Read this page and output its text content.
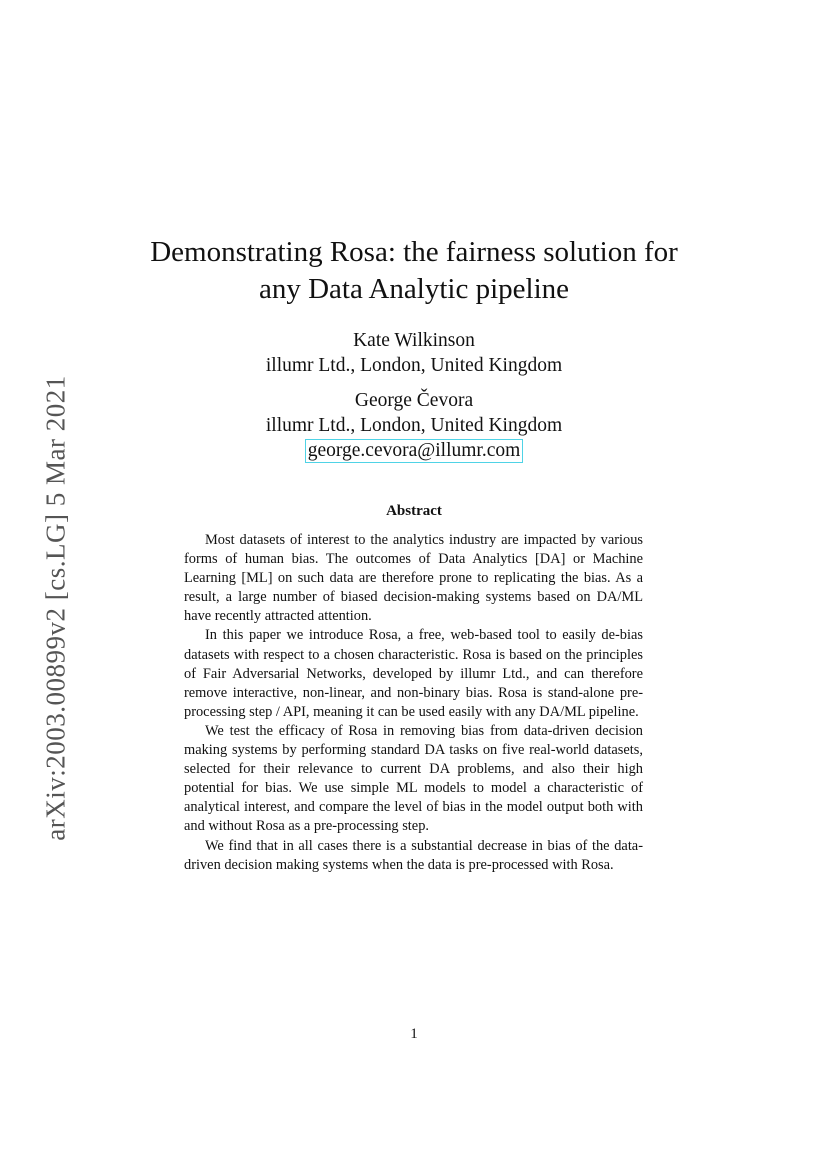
arXiv:2003.00899v2 [cs.LG] 5 Mar 2021
Demonstrating Rosa: the fairness solution for
any Data Analytic pipeline
Kate Wilkinson
illumr Ltd., London, United Kingdom
George Čevora
illumr Ltd., London, United Kingdom
george.cevora@illumr.com
Abstract

Most datasets of interest to the analytics industry are impacted by various forms of human bias. The outcomes of Data Analytics [DA] or Machine Learning [ML] on such data are therefore prone to replicating the bias. As a result, a large number of biased decision-making systems based on DA/ML have recently attracted attention.

In this paper we introduce Rosa, a free, web-based tool to easily de-bias datasets with respect to a chosen characteristic. Rosa is based on the principles of Fair Adversarial Networks, developed by illumr Ltd., and can therefore remove interactive, non-linear, and non-binary bias. Rosa is stand-alone pre-processing step / API, meaning it can be used easily with any DA/ML pipeline.

We test the efficacy of Rosa in removing bias from data-driven decision making systems by performing standard DA tasks on five real-world datasets, selected for their relevance to current DA problems, and also their high potential for bias. We use simple ML models to model a characteristic of analytical interest, and compare the level of bias in the model output both with and without Rosa as a pre-processing step.

We find that in all cases there is a substantial decrease in bias of the data-driven decision making systems when the data is pre-processed with Rosa.

1
